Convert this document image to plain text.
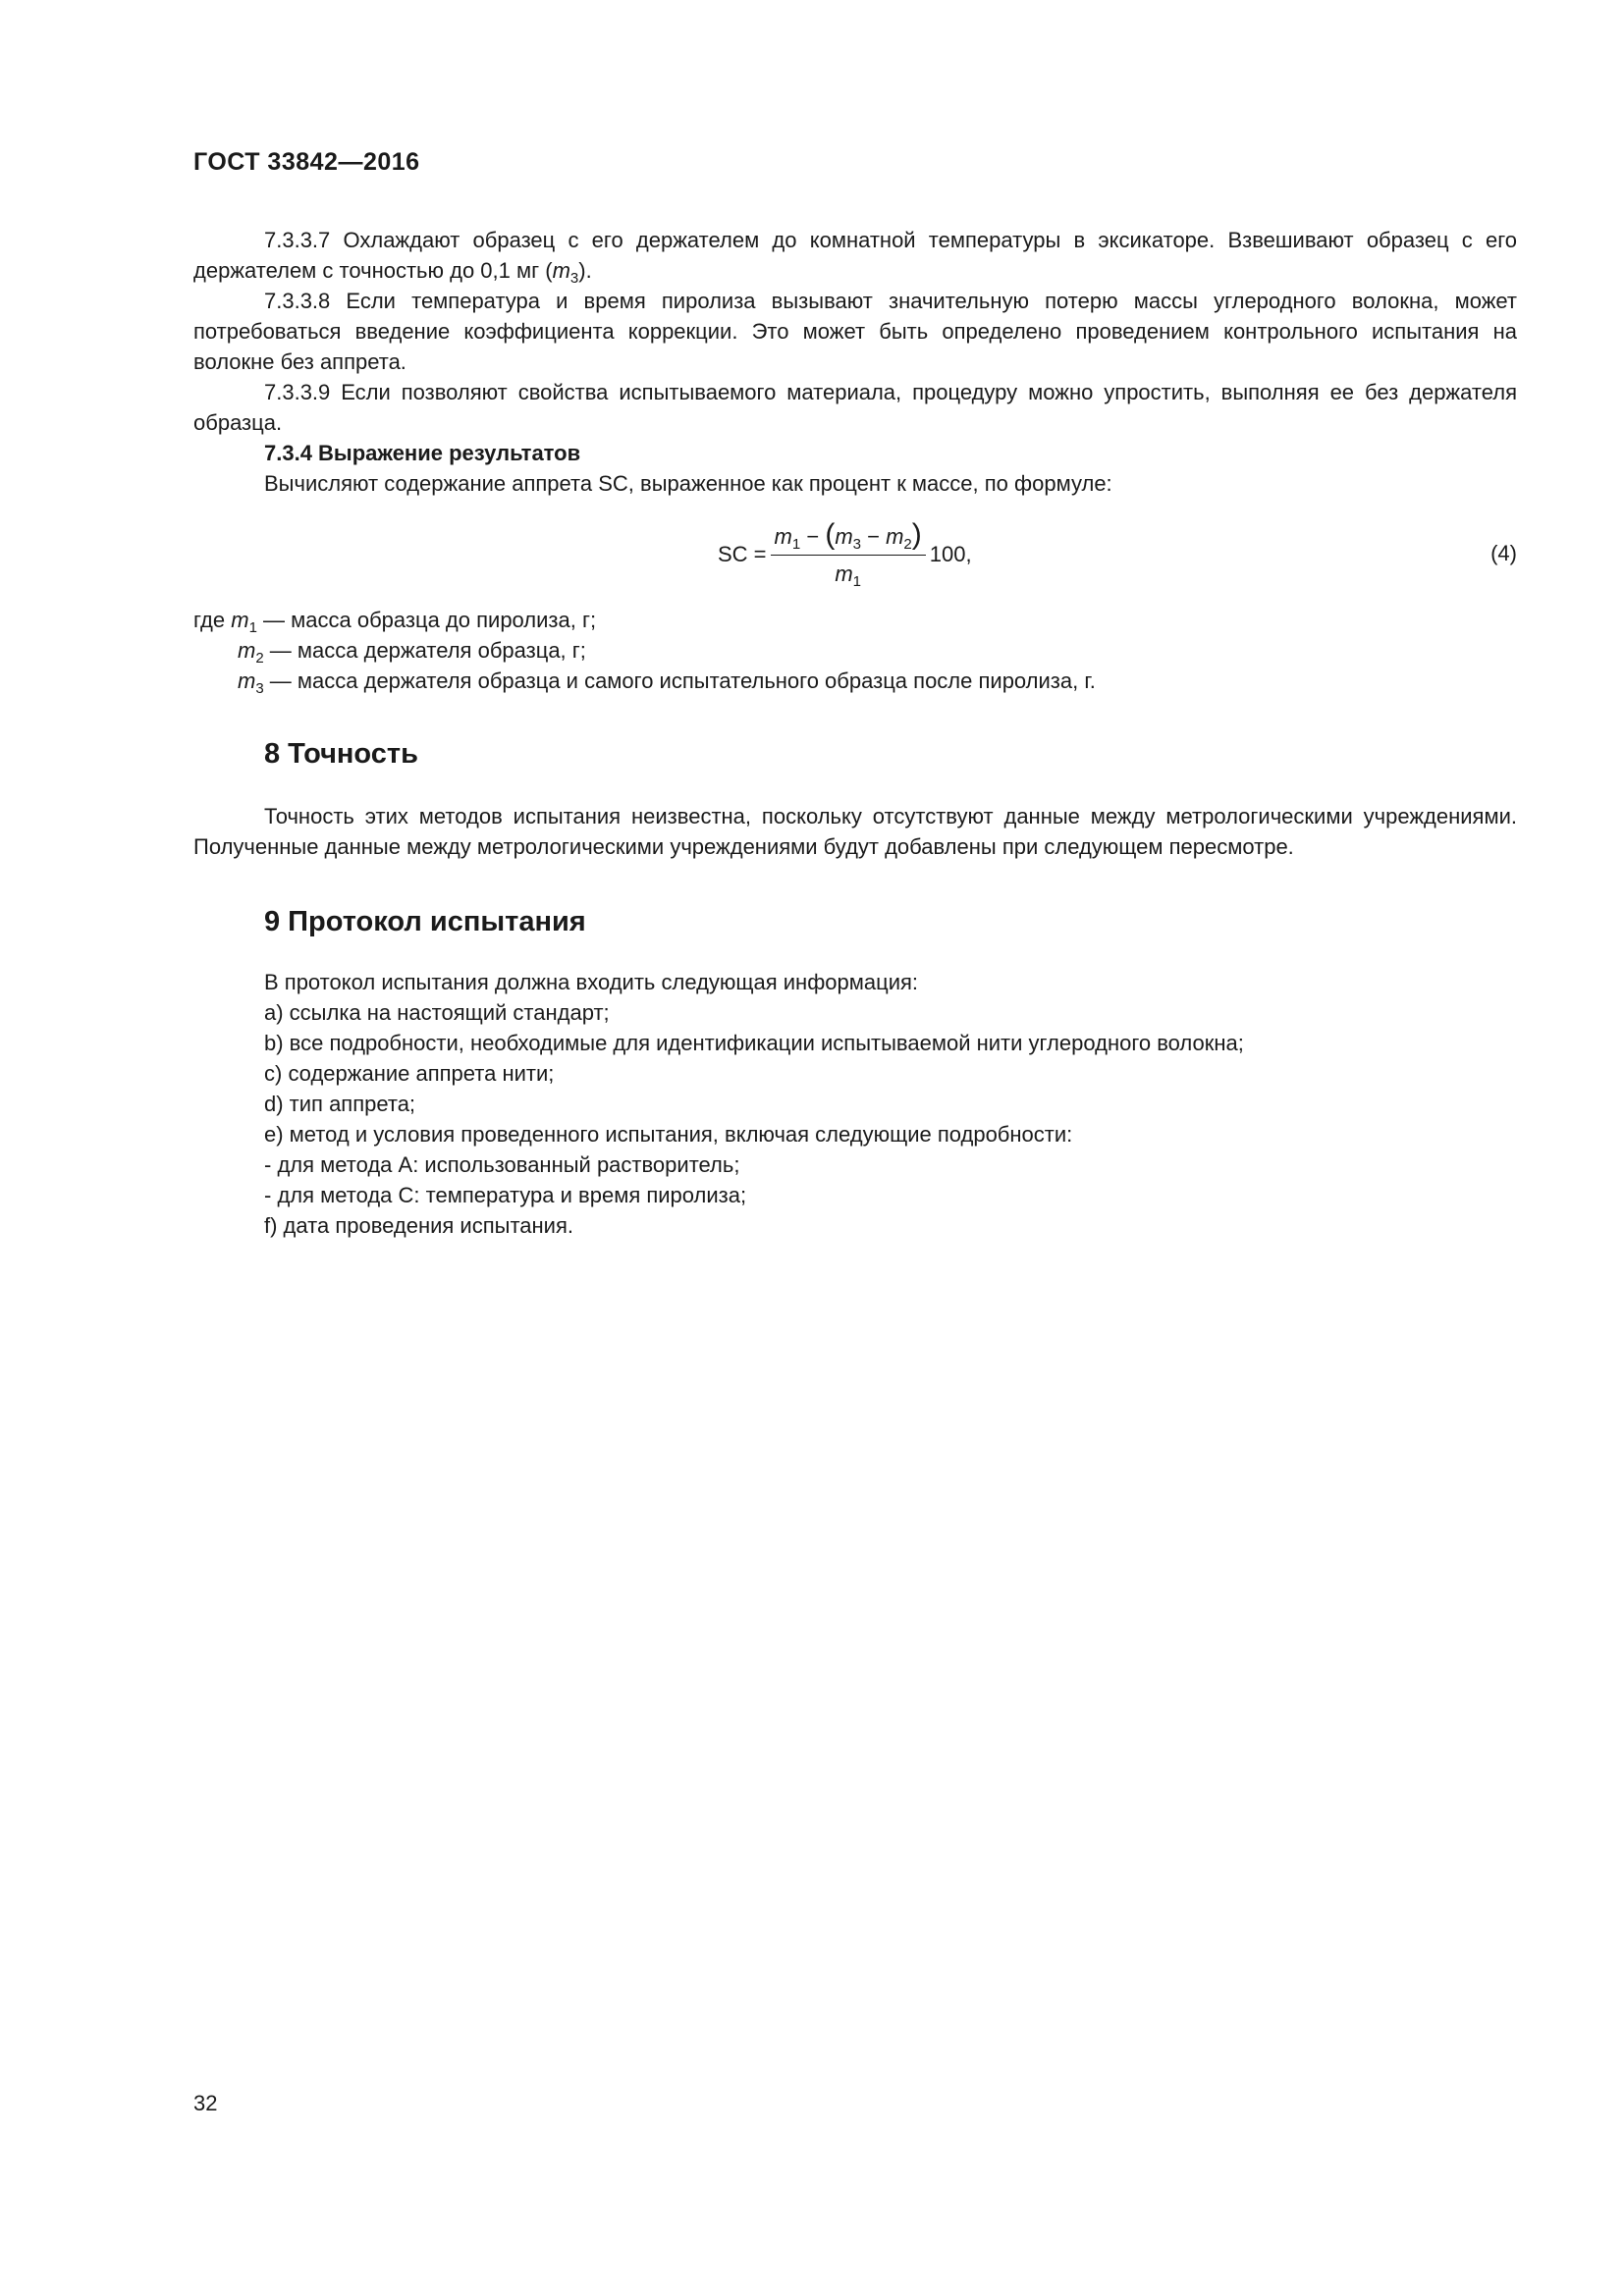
ГОСТ 33842—2016

7.3.3.7 Охлаждают образец с его держателем до комнатной температуры в эксикаторе. Взвешивают образец с его держателем с точностью до 0,1 мг $(m_3)$.

7.3.3.8 Если температура и время пиролиза вызывают значительную потерю массы углеродного волокна, может потребоваться введение коэффициента коррекции. Это может быть определено проведением контрольного испытания на волокне без аппрета.

7.3.3.9 Если позволяют свойства испытываемого материала, процедуру можно упростить, выполняя ее без держателя образца.

7.3.4 Выражение результатов

Вычисляют содержание аппрета SC, выраженное как процент к массе, по формуле:

SC = $\frac{m_1 - (m_3 - m_2)}{m_1} 100$,	(4)
где $m_1$ — масса образца до пиролиза, г;
$m_2$ — масса держателя образца, г;
$m_3$ — масса держателя образца и самого испытательного образца после пиролиза, г.
8 Точность

Точность этих методов испытания неизвестна, поскольку отсутствуют данные между метрологическими учреждениями. Полученные данные между метрологическими учреждениями будут добавлены при следующем пересмотре.

9 Протокол испытания
В протокол испытания должна входить следующая информация:
a) ссылка на настоящий стандарт;
b) все подробности, необходимые для идентификации испытываемой нити углеродного волокна;
c) содержание аппрета нити;
d) тип аппрета;
e) метод и условия проведенного испытания, включая следующие подробности:
- для метода А: использованный растворитель;
- для метода С: температура и время пиролиза;
f) дата проведения испытания.
32
